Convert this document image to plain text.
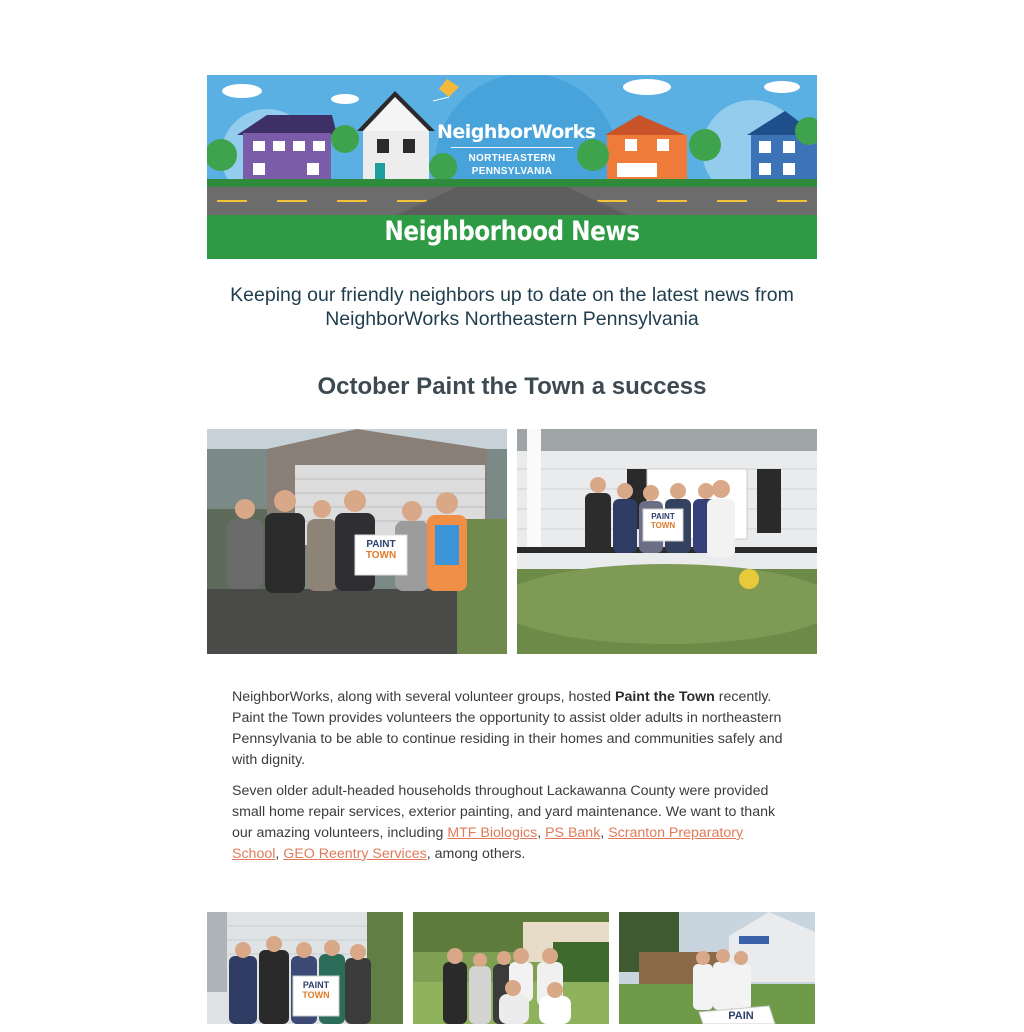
NeighborWorks
NORTHEASTERN
PENNSYLVANIA
Neighborhood News
Keeping our friendly neighbors up to date on the latest news from NeighborWorks Northeastern Pennsylvania
October Paint the Town a success
PAINT
TOWN
PAINT
TOWN

NeighborWorks, along with several volunteer groups, hosted Paint the Town recently. Paint the Town provides volunteers the opportunity to assist older adults in northeastern Pennsylvania to be able to continue residing in their homes and communities safely and with dignity.

Seven older adult-headed households throughout Lackawanna County were provided small home repair services, exterior painting, and yard maintenance. We want to thank our amazing volunteers, including MTF Biologics, PS Bank, Scranton Preparatory School, GEO Reentry Services, among others.

PAINT
TOWN
PAIN
